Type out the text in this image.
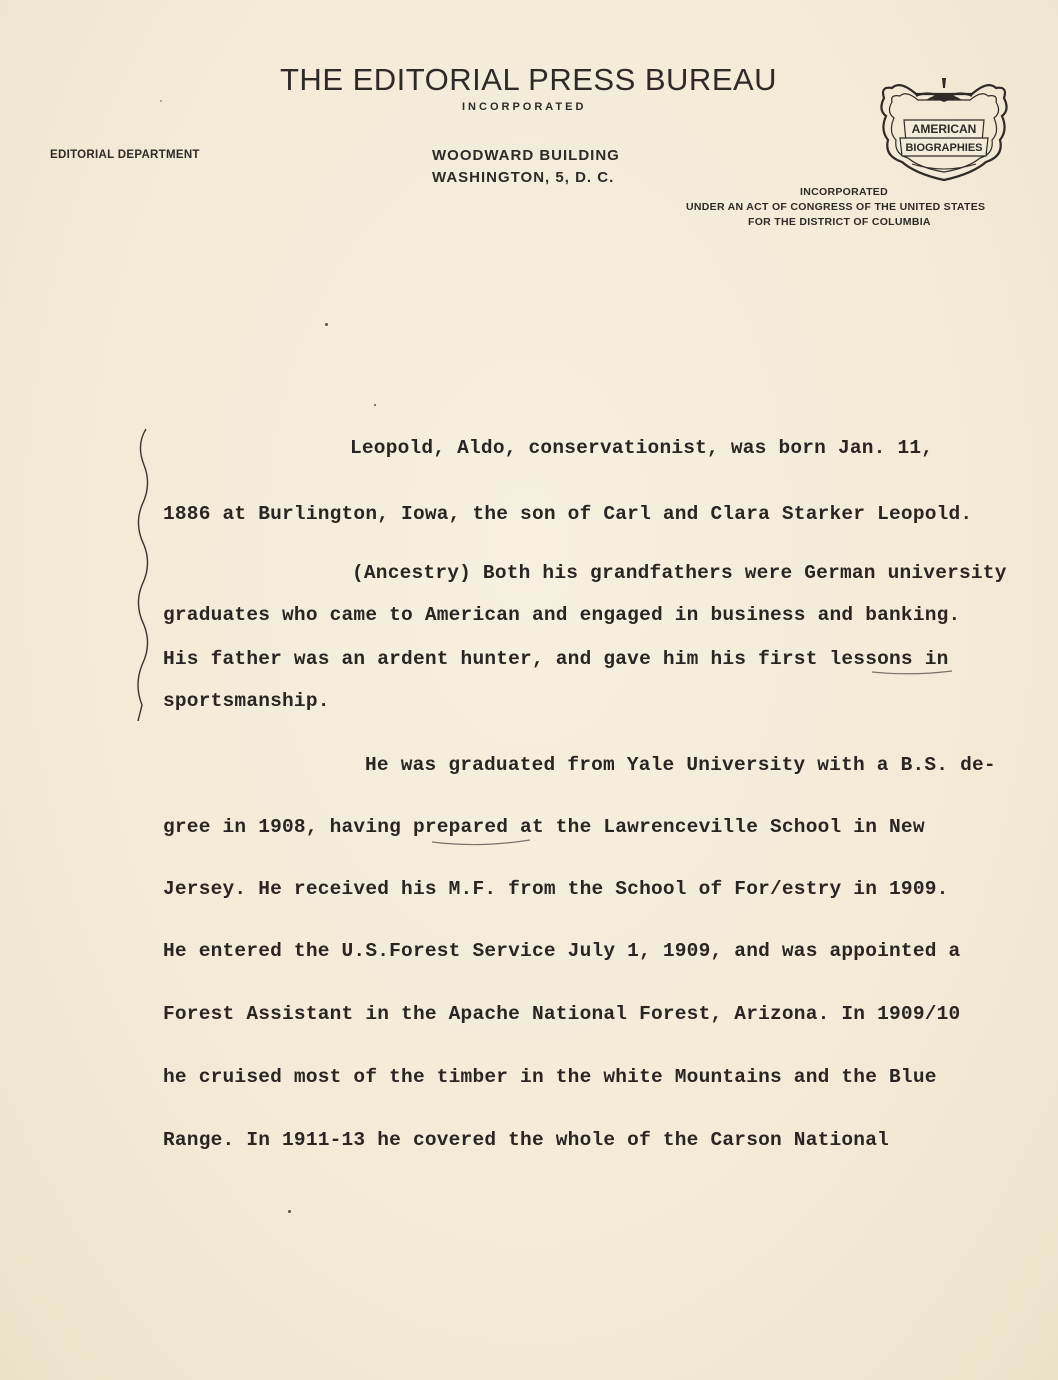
THE EDITORIAL PRESS BUREAU
INCORPORATED
EDITORIAL DEPARTMENT	WOODWARD BUILDING
WASHINGTON, 5, D. C.
INCORPORATED
UNDER AN ACT OF CONGRESS OF THE UNITED STATES
FOR THE DISTRICT OF COLUMBIA
AMERICAN
BIOGRAPHIES
Leopold, Aldo, conservationist, was born Jan. 11,
1886 at Burlington, Iowa, the son of Carl and Clara Starker Leopold.
(Ancestry) Both his grandfathers were German university
graduates who came to American and engaged in business and banking.
His father was an ardent hunter, and gave him his first lessons in
sportsmanship.
He was graduated from Yale University with a B.S. de-
gree in 1908, having prepared at the Lawrenceville School in New
Jersey. He received his M.F. from the School of For/estry in 1909.
He entered the U.S.Forest Service July 1, 1909, and was appointed a
Forest Assistant in the Apache National Forest, Arizona. In 1909/10
he cruised most of the timber in the white Mountains and the Blue
Range. In 1911-13 he covered the whole of the Carson National
